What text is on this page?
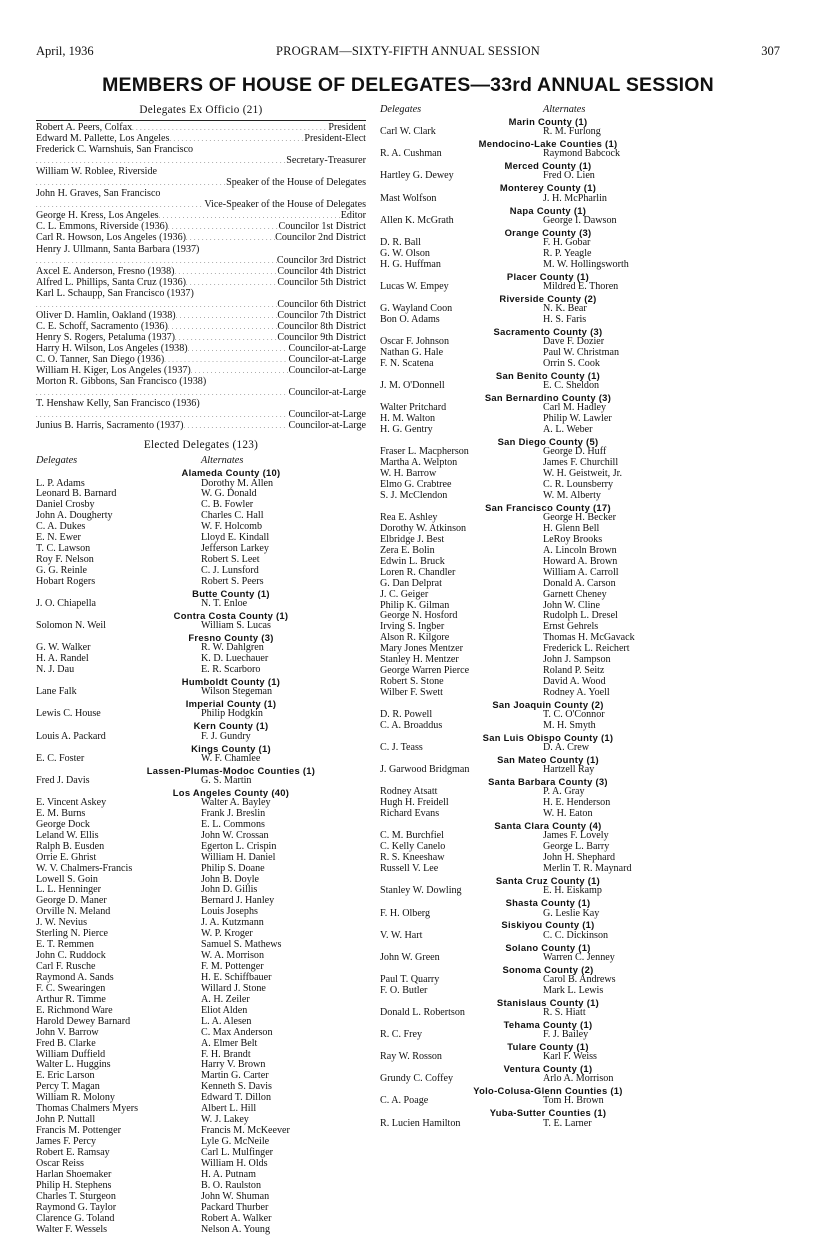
April, 1936	PROGRAM—SIXTY-FIFTH ANNUAL SESSION	307
MEMBERS OF HOUSE OF DELEGATES—33rd ANNUAL SESSION
Delegates Ex Officio (21)
Robert A. Peers, Colfax . . .	President
Edward M. Pallette, Los Angeles . . .	President-Elect
Frederick C. Warnshuis, San Francisco
. . .
Secretary-Treasurer
William W. Roblee, Riverside
. . .
Speaker of the House of Delegates
John H. Graves, San Francisco
. . .
Vice-Speaker of the House of Delegates
George H. Kress, Los Angeles . . .	Editor
C. L. Emmons, Riverside (1936) . . .	Councilor 1st District
Carl R. Howson, Los Angeles (1936) . . .	Councilor 2nd District
Henry J. Ullmann, Santa Barbara (1937)
. . .
Councilor 3rd District
Axcel E. Anderson, Fresno (1938) . . .	Councilor 4th District
Alfred L. Phillips, Santa Cruz (1936) . . .	Councilor 5th District
Karl L. Schaupp, San Francisco (1937)
. . .
Councilor 6th District
Oliver D. Hamlin, Oakland (1938) . . .	Councilor 7th District
C. E. Schoff, Sacramento (1936) . . .	Councilor 8th District
Henry S. Rogers, Petaluma (1937) . . .	Councilor 9th District
Harry H. Wilson, Los Angeles (1938) . . .	Councilor-at-Large
C. O. Tanner, San Diego (1936) . . .	Councilor-at-Large
William H. Kiger, Los Angeles (1937) . . .	Councilor-at-Large
Morton R. Gibbons, San Francisco (1938)
. . .
Councilor-at-Large
T. Henshaw Kelly, San Francisco (1936)
. . .
Councilor-at-Large
Junius B. Harris, Sacramento (1937) . . .	Councilor-at-Large
Elected Delegates (123)
Delegates	Alternates
Alameda County (10)
L. P. Adams	Dorothy M. Allen
Leonard B. Barnard	W. G. Donald
Daniel Crosby	C. B. Fowler
John A. Dougherty	Charles C. Hall
C. A. Dukes	W. F. Holcomb
E. N. Ewer	Lloyd E. Kindall
T. C. Lawson	Jefferson Larkey
Roy F. Nelson	Robert S. Leet
G. G. Reinle	C. J. Lunsford
Hobart Rogers	Robert S. Peers
Butte County (1)
J. O. Chiapella	N. T. Enloe
Contra Costa County (1)
Solomon N. Weil	William S. Lucas
Fresno County (3)
G. W. Walker	R. W. Dahlgren
H. A. Randel	K. D. Luechauer
N. J. Dau	E. R. Scarboro
Humboldt County (1)
Lane Falk	Wilson Stegeman
Imperial County (1)
Lewis C. House	Philip Hodgkin
Kern County (1)
Louis A. Packard	F. J. Gundry
Kings County (1)
E. C. Foster	W. F. Chamlee
Lassen-Plumas-Modoc Counties (1)
Fred J. Davis	G. S. Martin
Los Angeles County (40)
E. Vincent Askey	Walter A. Bayley
E. M. Burns	Frank J. Breslin
George Dock	E. L. Commons
Leland W. Ellis	John W. Crossan
Ralph B. Eusden	Egerton L. Crispin
Orrie E. Ghrist	William H. Daniel
W. V. Chalmers-Francis	Philip S. Doane
Lowell S. Goin	John B. Doyle
L. L. Henninger	John D. Gillis
George D. Maner	Bernard J. Hanley
Orville N. Meland	Louis Josephs
J. W. Nevius	J. A. Kutzmann
Sterling N. Pierce	W. P. Kroger
E. T. Remmen	Samuel S. Mathews
John C. Ruddock	W. A. Morrison
Carl F. Rusche	F. M. Pottenger
Raymond A. Sands	H. E. Schiffbauer
F. C. Swearingen	Willard J. Stone
Arthur R. Timme	A. H. Zeiler
E. Richmond Ware	Eliot Alden
Harold Dewey Barnard	L. A. Alesen
John V. Barrow	C. Max Anderson
Fred B. Clarke	A. Elmer Belt
William Duffield	F. H. Brandt
Walter L. Huggins	Harry V. Brown
E. Eric Larson	Martin G. Carter
Percy T. Magan	Kenneth S. Davis
William R. Molony	Edward T. Dillon
Thomas Chalmers Myers	Albert L. Hill
John P. Nuttall	W. J. Lakey
Francis M. Pottenger	Francis M. McKeever
James F. Percy	Lyle G. McNeile
Robert E. Ramsay	Carl L. Mulfinger
Oscar Reiss	William H. Olds
Harlan Shoemaker	H. A. Putnam
Philip H. Stephens	B. O. Raulston
Charles T. Sturgeon	John W. Shuman
Raymond G. Taylor	Packard Thurber
Clarence G. Toland	Robert A. Walker
Walter F. Wessels	Nelson A. Young
Delegates	Alternates
Marin County (1)
Carl W. Clark	R. M. Furlong
Mendocino-Lake Counties (1)
R. A. Cushman	Raymond Babcock
Merced County (1)
Hartley G. Dewey	Fred O. Lien
Monterey County (1)
Mast Wolfson	J. H. McPharlin
Napa County (1)
Allen K. McGrath	George I. Dawson
Orange County (3)
D. R. Ball	F. H. Gobar
G. W. Olson	R. P. Yeagle
H. G. Huffman	M. W. Hollingsworth
Placer County (1)
Lucas W. Empey	Mildred E. Thoren
Riverside County (2)
G. Wayland Coon	N. K. Bear
Bon O. Adams	H. S. Faris
Sacramento County (3)
Oscar F. Johnson	Dave F. Dozier
Nathan G. Hale	Paul W. Christman
F. N. Scatena	Orrin S. Cook
San Benito County (1)
J. M. O'Donnell	E. C. Sheldon
San Bernardino County (3)
Walter Pritchard	Carl M. Hadley
H. M. Walton	Philip W. Lawler
H. G. Gentry	A. L. Weber
San Diego County (5)
Fraser L. Macpherson	George D. Huff
Martha A. Welpton	James F. Churchill
W. H. Barrow	W. H. Geistweit, Jr.
Elmo G. Crabtree	C. R. Lounsberry
S. J. McClendon	W. M. Alberty
San Francisco County (17)
Rea E. Ashley	George H. Becker
Dorothy W. Atkinson	H. Glenn Bell
Elbridge J. Best	LeRoy Brooks
Zera E. Bolin	A. Lincoln Brown
Edwin L. Bruck	Howard A. Brown
Loren R. Chandler	William A. Carroll
G. Dan Delprat	Donald A. Carson
J. C. Geiger	Garnett Cheney
Philip K. Gilman	John W. Cline
George N. Hosford	Rudolph L. Dresel
Irving S. Ingber	Ernst Gehrels
Alson R. Kilgore	Thomas H. McGavack
Mary Jones Mentzer	Frederick L. Reichert
Stanley H. Mentzer	John J. Sampson
George Warren Pierce	Roland P. Seitz
Robert S. Stone	David A. Wood
Wilber F. Swett	Rodney A. Yoell
San Joaquin County (2)
D. R. Powell	T. C. O'Connor
C. A. Broaddus	M. H. Smyth
San Luis Obispo County (1)
C. J. Teass	D. A. Crew
San Mateo County (1)
J. Garwood Bridgman	Hartzell Ray
Santa Barbara County (3)
Rodney Atsatt	P. A. Gray
Hugh H. Freidell	H. E. Henderson
Richard Evans	W. H. Eaton
Santa Clara County (4)
C. M. Burchfiel	James F. Lovely
C. Kelly Canelo	George L. Barry
R. S. Kneeshaw	John H. Shephard
Russell V. Lee	Merlin T. R. Maynard
Santa Cruz County (1)
Stanley W. Dowling	E. H. Eiskamp
Shasta County (1)
F. H. Olberg	G. Leslie Kay
Siskiyou County (1)
V. W. Hart	C. C. Dickinson
Solano County (1)
John W. Green	Warren C. Jenney
Sonoma County (2)
Paul T. Quarry	Carol B. Andrews
F. O. Butler	Mark L. Lewis
Stanislaus County (1)
Donald L. Robertson	R. S. Hiatt
Tehama County (1)
R. C. Frey	F. J. Bailey
Tulare County (1)
Ray W. Rosson	Karl F. Weiss
Ventura County (1)
Grundy C. Coffey	Arlo A. Morrison
Yolo-Colusa-Glenn Counties (1)
C. A. Poage	Tom H. Brown
Yuba-Sutter Counties (1)
R. Lucien Hamilton	T. E. Larner
